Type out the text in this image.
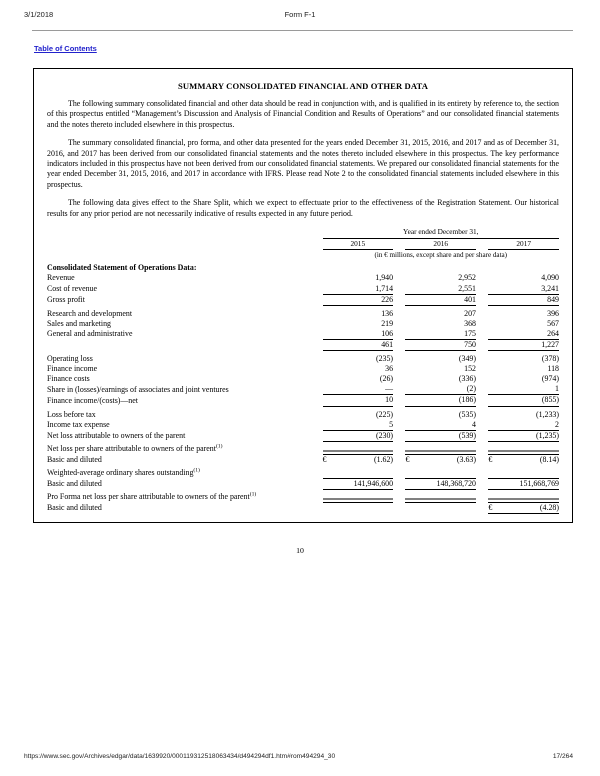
3/1/2018	Form F-1
Table of Contents
SUMMARY CONSOLIDATED FINANCIAL AND OTHER DATA

The following summary consolidated financial and other data should be read in conjunction with, and is qualified in its entirety by reference to, the section of this prospectus entitled “Management’s Discussion and Analysis of Financial Condition and Results of Operations” and our consolidated financial statements and the notes thereto included elsewhere in this prospectus.

The summary consolidated financial, pro forma, and other data presented for the years ended December 31, 2015, 2016, and 2017 and as of December 31, 2016, and 2017 has been derived from our consolidated financial statements and the notes thereto included elsewhere in this prospectus. The key performance indicators included in this prospectus have not been derived from our consolidated financial statements. We prepared our consolidated financial statements for the year ended December 31, 2015, 2016, and 2017 in accordance with IFRS. Please read Note 2 to the consolidated financial statements included elsewhere in this prospectus.

The following data gives effect to the Share Split, which we expect to effectuate prior to the effectiveness of the Registration Statement. Our historical results for any prior period are not necessarily indicative of results expected in any future period.

		Year ended December 31,							
		2015			2016			2017	
		(in € millions, except share and per share data)							
Consolidated Statement of Operations Data:									
Revenue			1,940			2,952			4,090
Cost of revenue			1,714			2,551			3,241
Gross profit			226			401			849
Research and development			136			207			396
Sales and marketing			219			368			567
General and administrative			106			175			264
			461			750			1,227
Operating loss			(235)			(349)			(378)
Finance income			36			152			118
Finance costs			(26)			(336)			(974)
Share in (losses)/earnings of associates and joint ventures			—			(2)			1
Finance income/(costs)—net			10			(186)			(855)
Loss before tax			(225)			(535)			(1,233)
Income tax expense			5			4			2
Net loss attributable to owners of the parent			(230)			(539)			(1,235)
Net loss per share attributable to owners of the parent$^{(1)}$									
Basic and diluted		€	(1.62)		€	(3.63)		€	(8.14)
Weighted-average ordinary shares outstanding$^{(1)}$									
Basic and diluted			141,946,600			148,368,720			151,668,769
Pro Forma net loss per share attributable to owners of the parent$^{(1)}$									
Basic and diluted								€	(4.28)

10
https://www.sec.gov/Archives/edgar/data/1639920/000119312518063434/d494294df1.htm#rom494294_30	17/264
